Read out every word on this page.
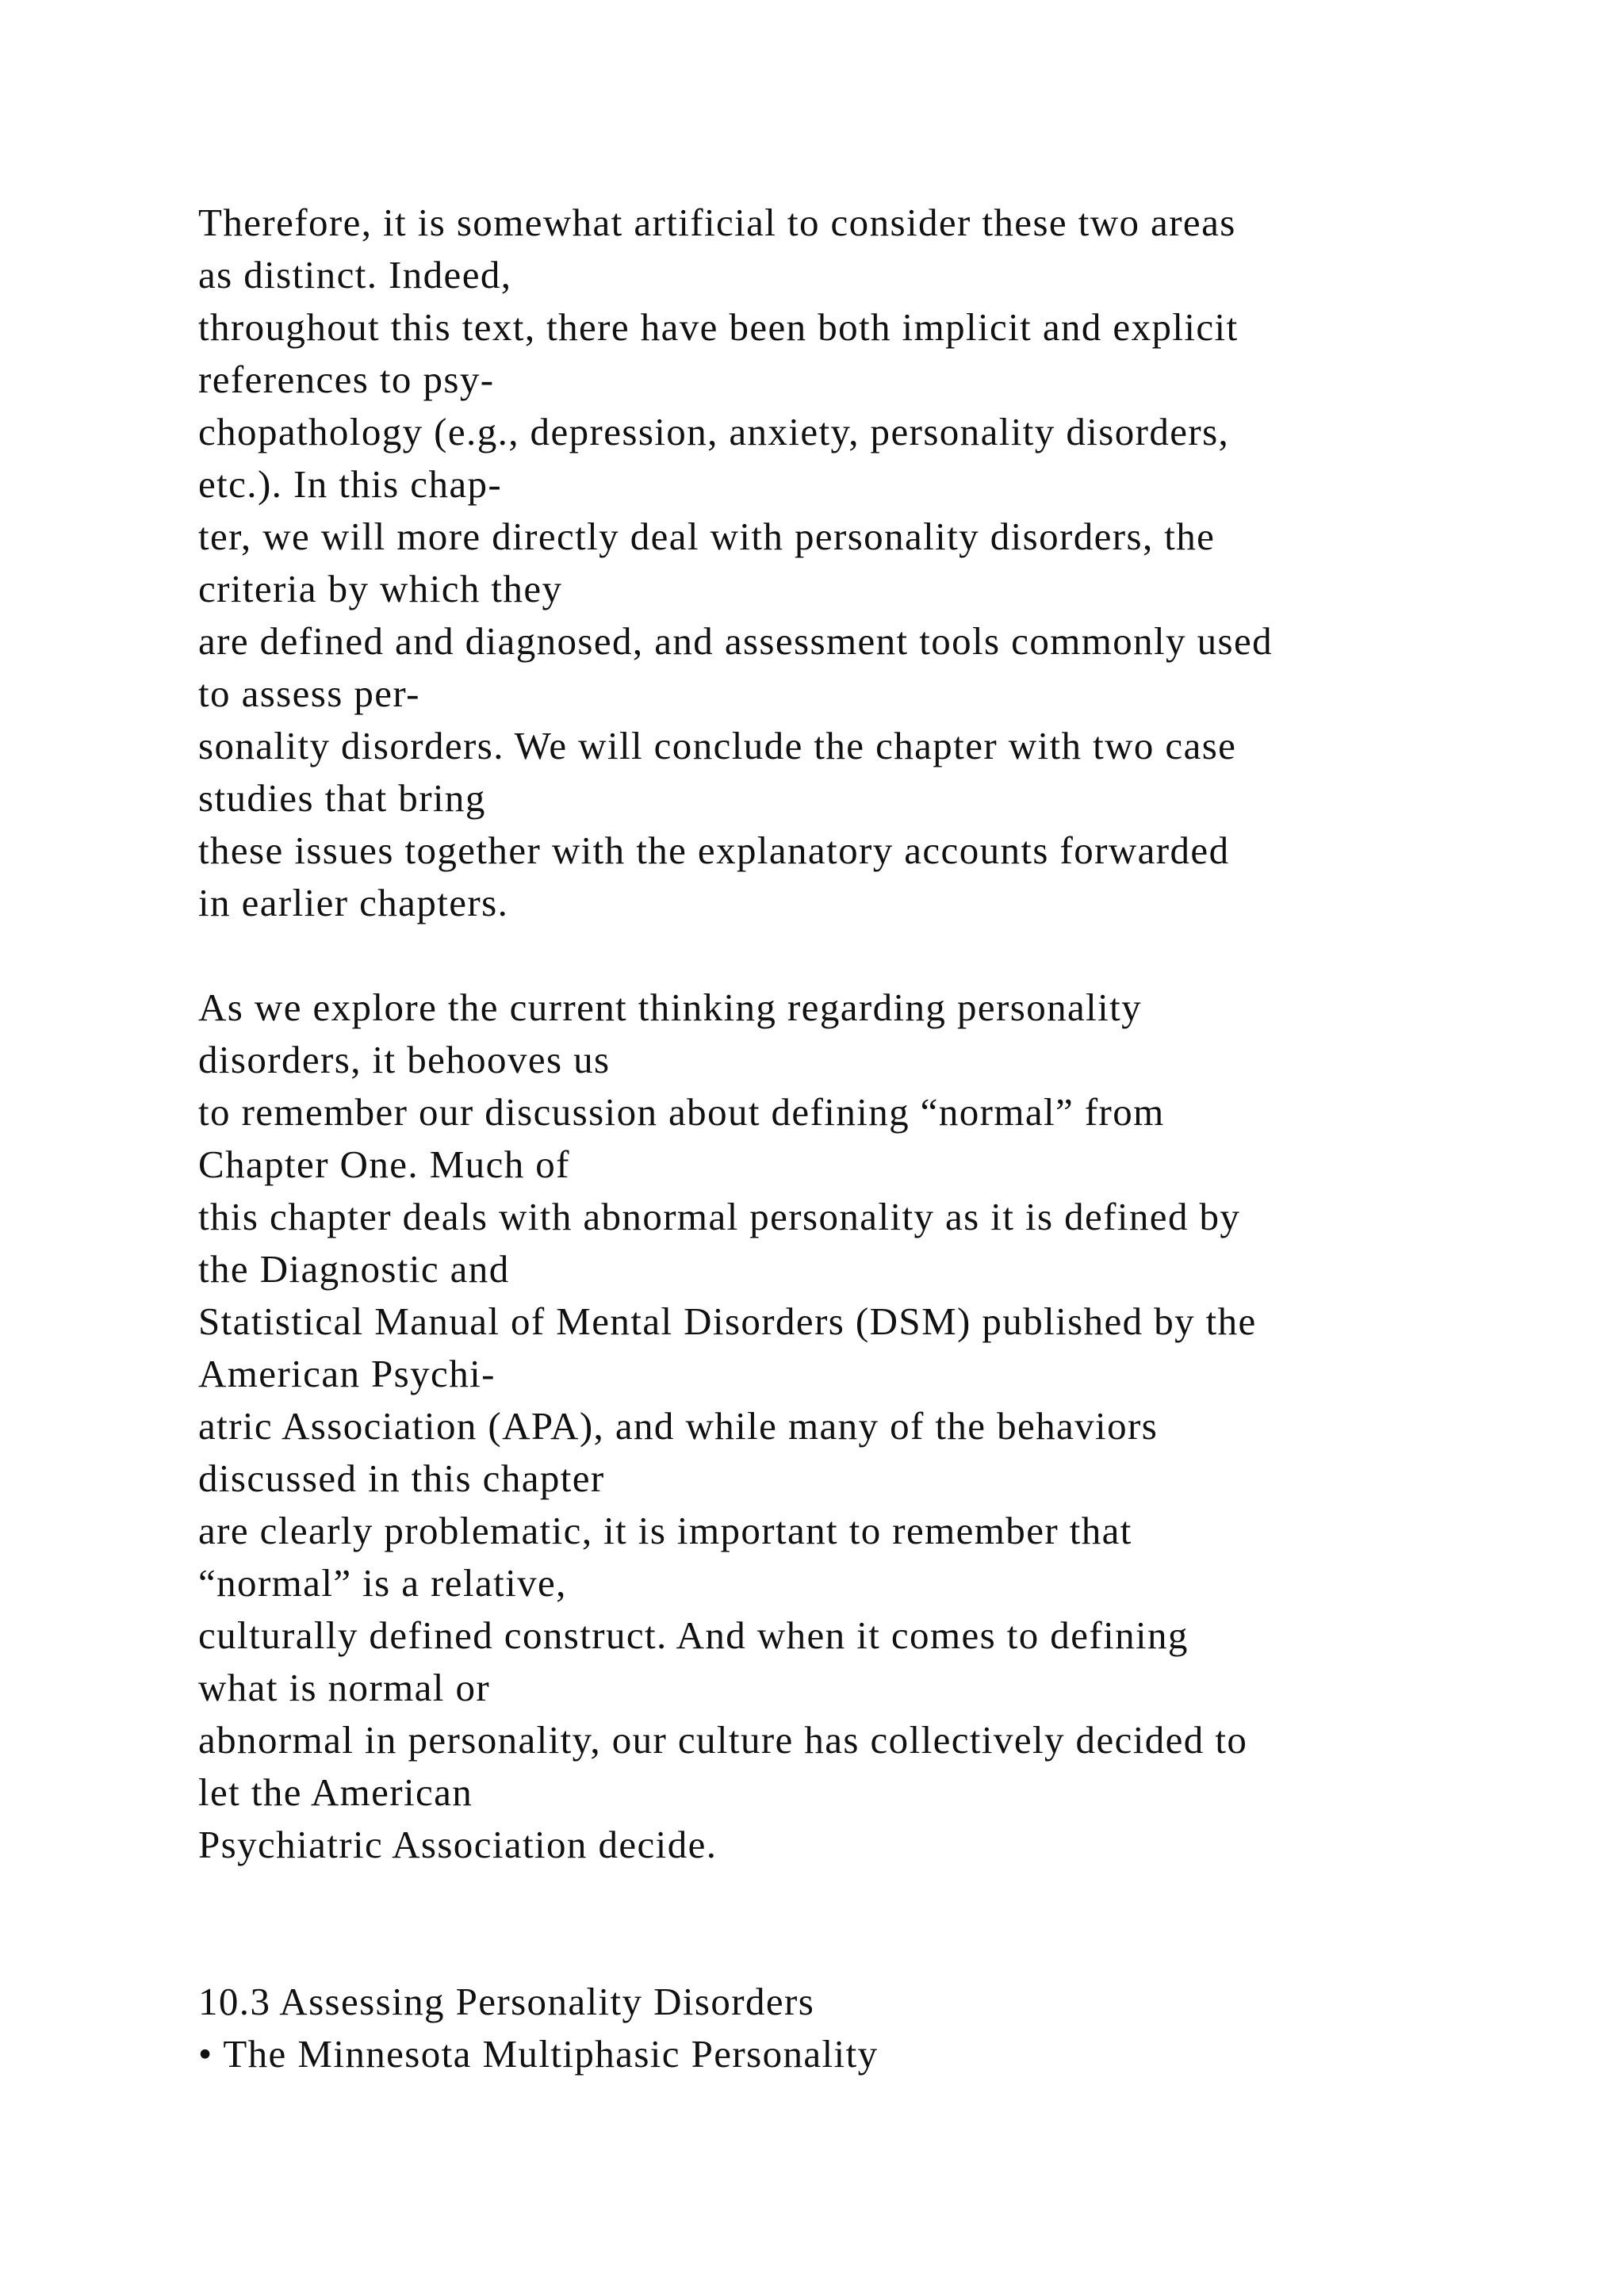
Therefore, it is somewhat artificial to consider these two areas
as distinct. Indeed,
throughout this text, there have been both implicit and explicit
references to psy-
chopathology (e.g., depression, anxiety, personality disorders,
etc.). In this chap-
ter, we will more directly deal with personality disorders, the
criteria by which they
are defined and diagnosed, and assessment tools commonly used
to assess per-
sonality disorders. We will conclude the chapter with two case
studies that bring
these issues together with the explanatory accounts forwarded
in earlier chapters.
As we explore the current thinking regarding personality
disorders, it behooves us
to remember our discussion about defining “normal” from
Chapter One. Much of
this chapter deals with abnormal personality as it is defined by
the Diagnostic and
Statistical Manual of Mental Disorders (DSM) published by the
American Psychi-
atric Association (APA), and while many of the behaviors
discussed in this chapter
are clearly problematic, it is important to remember that
“normal” is a relative,
culturally defined construct. And when it comes to defining
what is normal or
abnormal in personality, our culture has collectively decided to
let the American
Psychiatric Association decide.
10.3 Assessing Personality Disorders
• The Minnesota Multiphasic Personality
